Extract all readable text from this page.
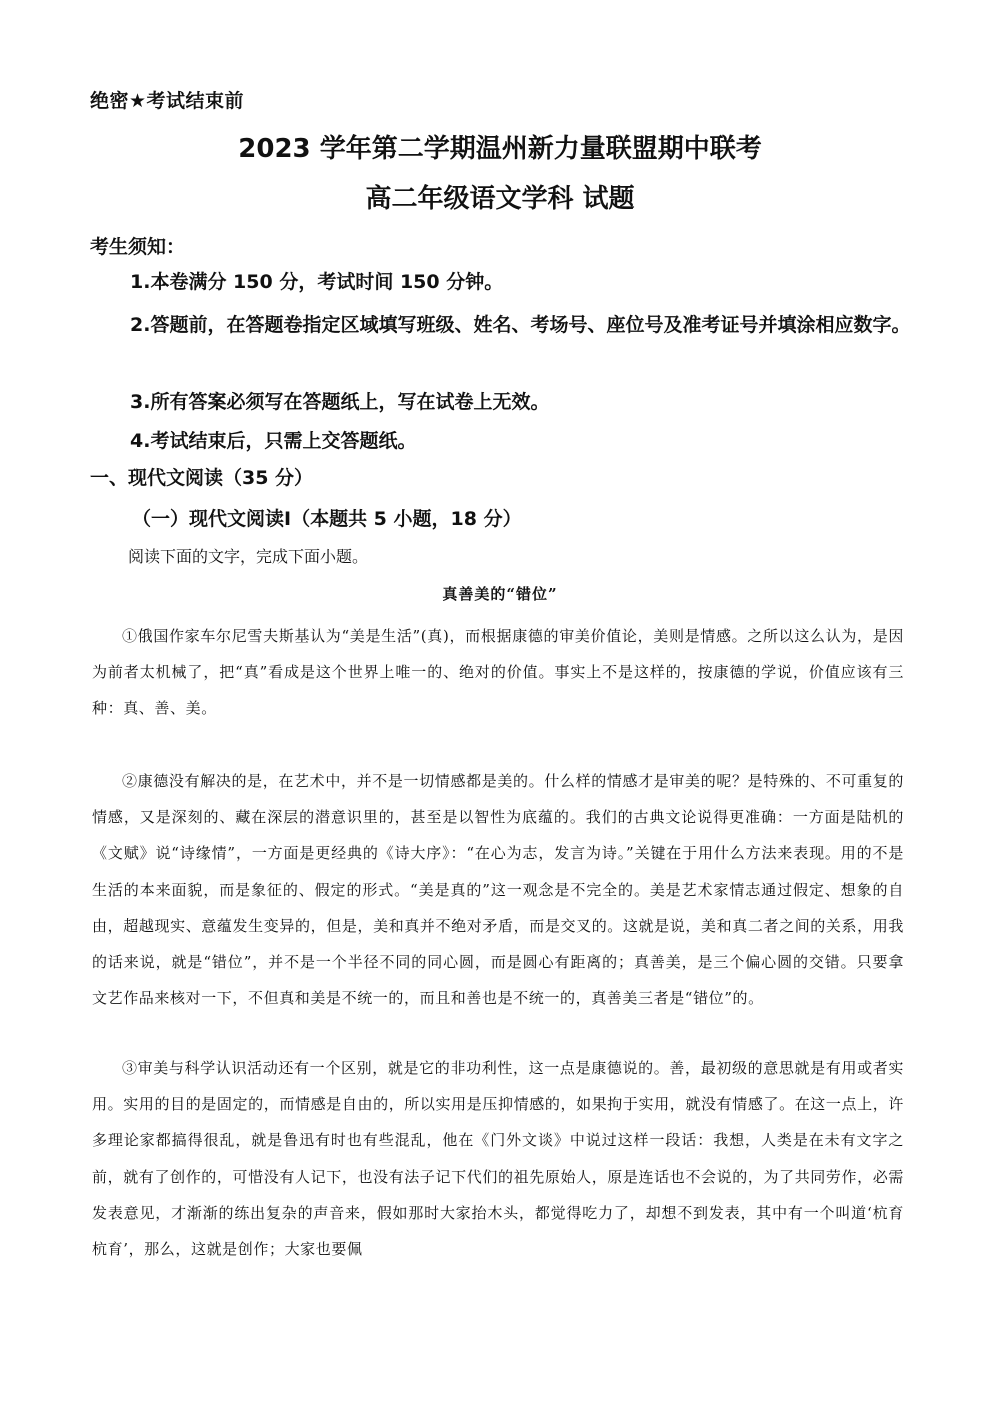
绝密★考试结束前
2023 学年第二学期温州新力量联盟期中联考
高二年级语文学科 试题
考生须知：

1.本卷满分 150 分，考试时间 150 分钟。

2.答题前，在答题卷指定区域填写班级、姓名、考场号、座位号及准考证号并填涂相应数字。

3.所有答案必须写在答题纸上，写在试卷上无效。

4.考试结束后，只需上交答题纸。

一、现代文阅读（35 分）
（一）现代文阅读Ⅰ（本题共 5 小题，18 分）
阅读下面的文字，完成下面小题。
真善美的“错位”

①俄国作家车尔尼雪夫斯基认为“美是生活”(真)，而根据康德的审美价值论，美则是情感。之所以这么认为，是因为前者太机械了，把“真”看成是这个世界上唯一的、绝对的价值。事实上不是这样的，按康德的学说，价值应该有三种：真、善、美。

②康德没有解决的是，在艺术中，并不是一切情感都是美的。什么样的情感才是审美的呢？是特殊的、不可重复的情感，又是深刻的、藏在深层的潜意识里的，甚至是以智性为底蕴的。我们的古典文论说得更准确：一方面是陆机的《文赋》说“诗缘情”，一方面是更经典的《诗大序》：“在心为志，发言为诗。”关键在于用什么方法来表现。用的不是生活的本来面貌，而是象征的、假定的形式。“美是真的”这一观念是不完全的。美是艺术家情志通过假定、想象的自由，超越现实、意蕴发生变异的，但是，美和真并不绝对矛盾，而是交叉的。这就是说，美和真二者之间的关系，用我的话来说，就是“错位”，并不是一个半径不同的同心圆，而是圆心有距离的；真善美，是三个偏心圆的交错。只要拿文艺作品来核对一下，不但真和美是不统一的，而且和善也是不统一的，真善美三者是“错位”的。

③审美与科学认识活动还有一个区别，就是它的非功利性，这一点是康德说的。善，最初级的意思就是有用或者实用。实用的目的是固定的，而情感是自由的，所以实用是压抑情感的，如果拘于实用，就没有情感了。在这一点上，许多理论家都搞得很乱，就是鲁迅有时也有些混乱，他在《门外文谈》中说过这样一段话：我想，人类是在未有文字之前，就有了创作的，可惜没有人记下，也没有法子记下代们的祖先原始人，原是连话也不会说的，为了共同劳作，必需发表意见，才渐渐的练出复杂的声音来，假如那时大家抬木头，都觉得吃力了，却想不到发表，其中有一个叫道‘杭育杭育’，那么，这就是创作；大家也要佩
